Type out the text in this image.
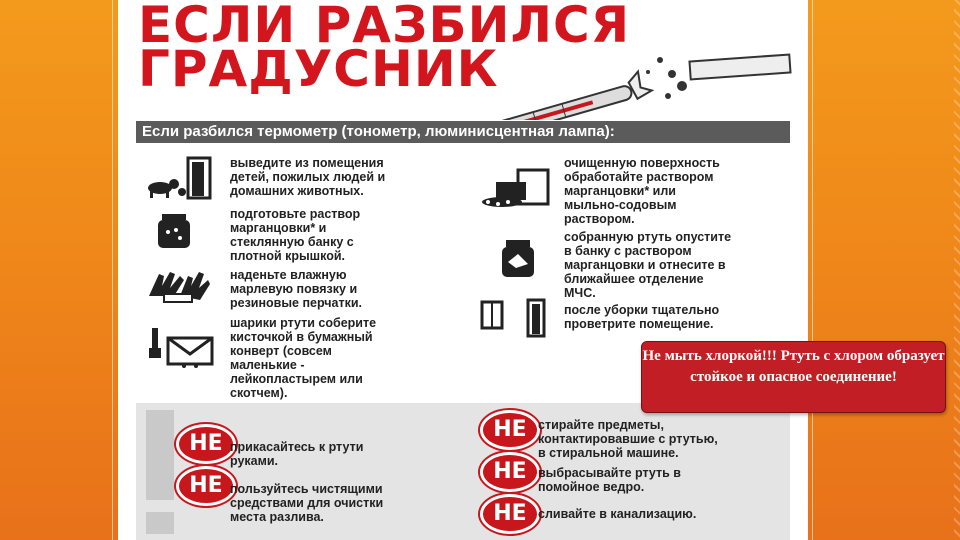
ЕСЛИ РАЗБИЛСЯ
ГРАДУСНИК
Если разбился термометр (тонометр, люминисцентная лампа):
выведите из помещения
детей, пожилых людей и
домашних животных.
подготовьте раствор
марганцовки* и
стеклянную банку с
плотной крышкой.
наденьте влажную
марлевую повязку и
резиновые перчатки.
шарики ртути соберите
кисточкой в бумажный
конверт (совсем
маленькие -
лейкопластырем или
скотчем).
очищенную поверхность
обработайте раствором
марганцовки* или
мыльно-содовым
раствором.
собранную ртуть опустите
в банку с раствором
марганцовки и отнесите в
ближайшее отделение
МЧС.
после уборки тщательно
проветрите помещение.
НЕ прикасайтесь к ртути
руками.
НЕ пользуйтесь чистящими
средствами для очистки
места разлива.
НЕ стирайте предметы,
контактировавшие с ртутью,
в стиральной машине.
НЕ выбрасывайте ртуть в
помойное ведро.
НЕ сливайте в канализацию.
Не мыть хлоркой!!! Ртуть с хлором образует стойкое и опасное соединение!
